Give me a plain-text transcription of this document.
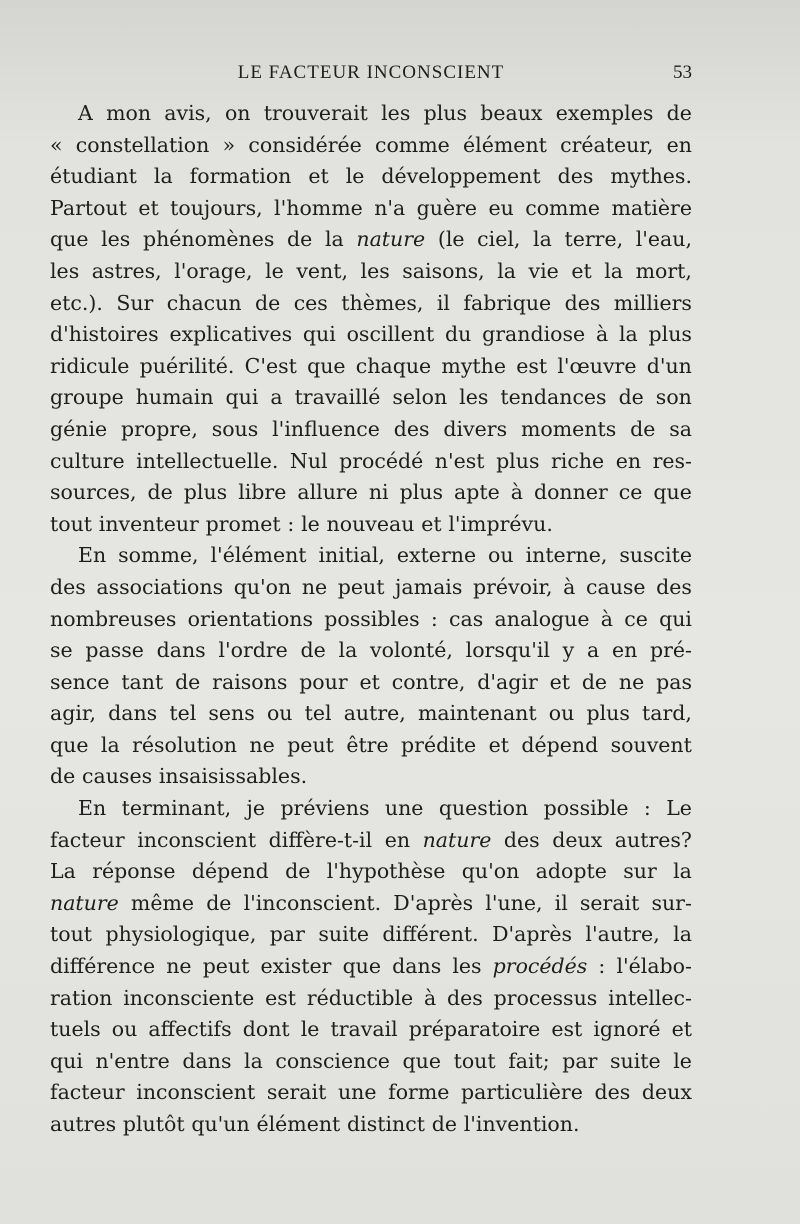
LE FACTEUR INCONSCIENT	53
A mon avis, on trouverait les plus beaux exemples de
« constellation » considérée comme élément créateur, en
étudiant la formation et le développement des mythes.
Partout et toujours, l'homme n'a guère eu comme matière
que les phénomènes de la nature (le ciel, la terre, l'eau,
les astres, l'orage, le vent, les saisons, la vie et la mort,
etc.). Sur chacun de ces thèmes, il fabrique des milliers
d'histoires explicatives qui oscillent du grandiose à la plus
ridicule puérilité. C'est que chaque mythe est l'œuvre d'un
groupe humain qui a travaillé selon les tendances de son
génie propre, sous l'influence des divers moments de sa
culture intellectuelle. Nul procédé n'est plus riche en res-
sources, de plus libre allure ni plus apte à donner ce que
tout inventeur promet : le nouveau et l'imprévu.
En somme, l'élément initial, externe ou interne, suscite
des associations qu'on ne peut jamais prévoir, à cause des
nombreuses orientations possibles : cas analogue à ce qui
se passe dans l'ordre de la volonté, lorsqu'il y a en pré-
sence tant de raisons pour et contre, d'agir et de ne pas
agir, dans tel sens ou tel autre, maintenant ou plus tard,
que la résolution ne peut être prédite et dépend souvent
de causes insaisissables.
En terminant, je préviens une question possible : Le
facteur inconscient diffère-t-il en nature des deux autres?
La réponse dépend de l'hypothèse qu'on adopte sur la
nature même de l'inconscient. D'après l'une, il serait sur-
tout physiologique, par suite différent. D'après l'autre, la
différence ne peut exister que dans les procédés : l'élabo-
ration inconsciente est réductible à des processus intellec-
tuels ou affectifs dont le travail préparatoire est ignoré et
qui n'entre dans la conscience que tout fait; par suite le
facteur inconscient serait une forme particulière des deux
autres plutôt qu'un élément distinct de l'invention.
